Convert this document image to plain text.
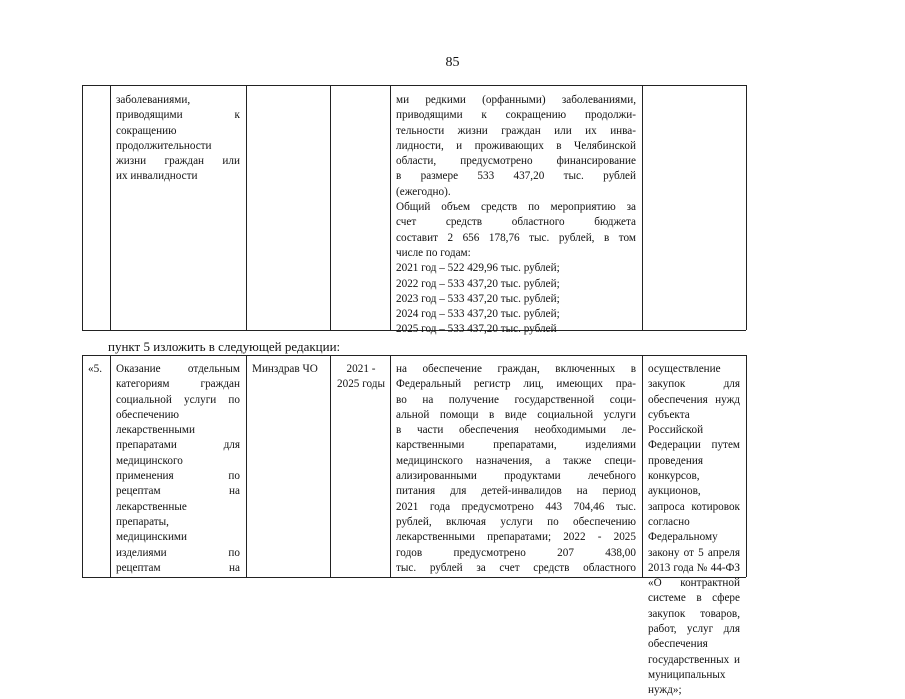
85
заболеваниями,
приводящими к
сокращению
продолжительности
жизни граждан или
их инвалидности
ми редкими (орфанными) заболеваниями,
приводящими к сокращению продолжи-
тельности жизни граждан или их инва-
лидности, и проживающих в Челябинской
области, предусмотрено финансирование
в размере 533 437,20 тыс. рублей
(ежегодно).
Общий объем средств по мероприятию за
счет средств областного бюджета
составит 2 656 178,76 тыс. рублей, в том
числе по годам:
2021 год – 522 429,96 тыс. рублей;
2022 год – 533 437,20 тыс. рублей;
2023 год – 533 437,20 тыс. рублей;
2024 год – 533 437,20 тыс. рублей;
2025 год – 533 437,20 тыс. рублей
пункт 5 изложить в следующей редакции:
«5. Оказание отдельным
категориям граждан
социальной услуги по
обеспечению
лекарственными
препаратами для
медицинского
применения по
рецептам на
лекарственные
препараты,
медицинскими
изделиями по
рецептам на
Минздрав ЧО	2021 -
2025 годы
на обеспечение граждан, включенных в
Федеральный регистр лиц, имеющих пра-
во на получение государственной соци-
альной помощи в виде социальной услуги
в части обеспечения необходимыми ле-
карственными препаратами, изделиями
медицинского назначения, а также специ-
ализированными продуктами лечебного
питания для детей-инвалидов на период
2021 года предусмотрено 443 704,46 тыс.
рублей, включая услуги по обеспечению
лекарственными препаратами; 2022 - 2025
годов предусмотрено 207 438,00
тыс. рублей за счет средств областного
осуществление закупок для
обеспечения нужд субъекта
Российской Федерации путем
проведения конкурсов, аукционов,
запроса котировок согласно
Федеральному закону от 5 апреля
2013 года № 44-ФЗ «О контрактной
системе в сфере закупок товаров,
работ, услуг для обеспечения
государственных и муниципальных
нужд»;
